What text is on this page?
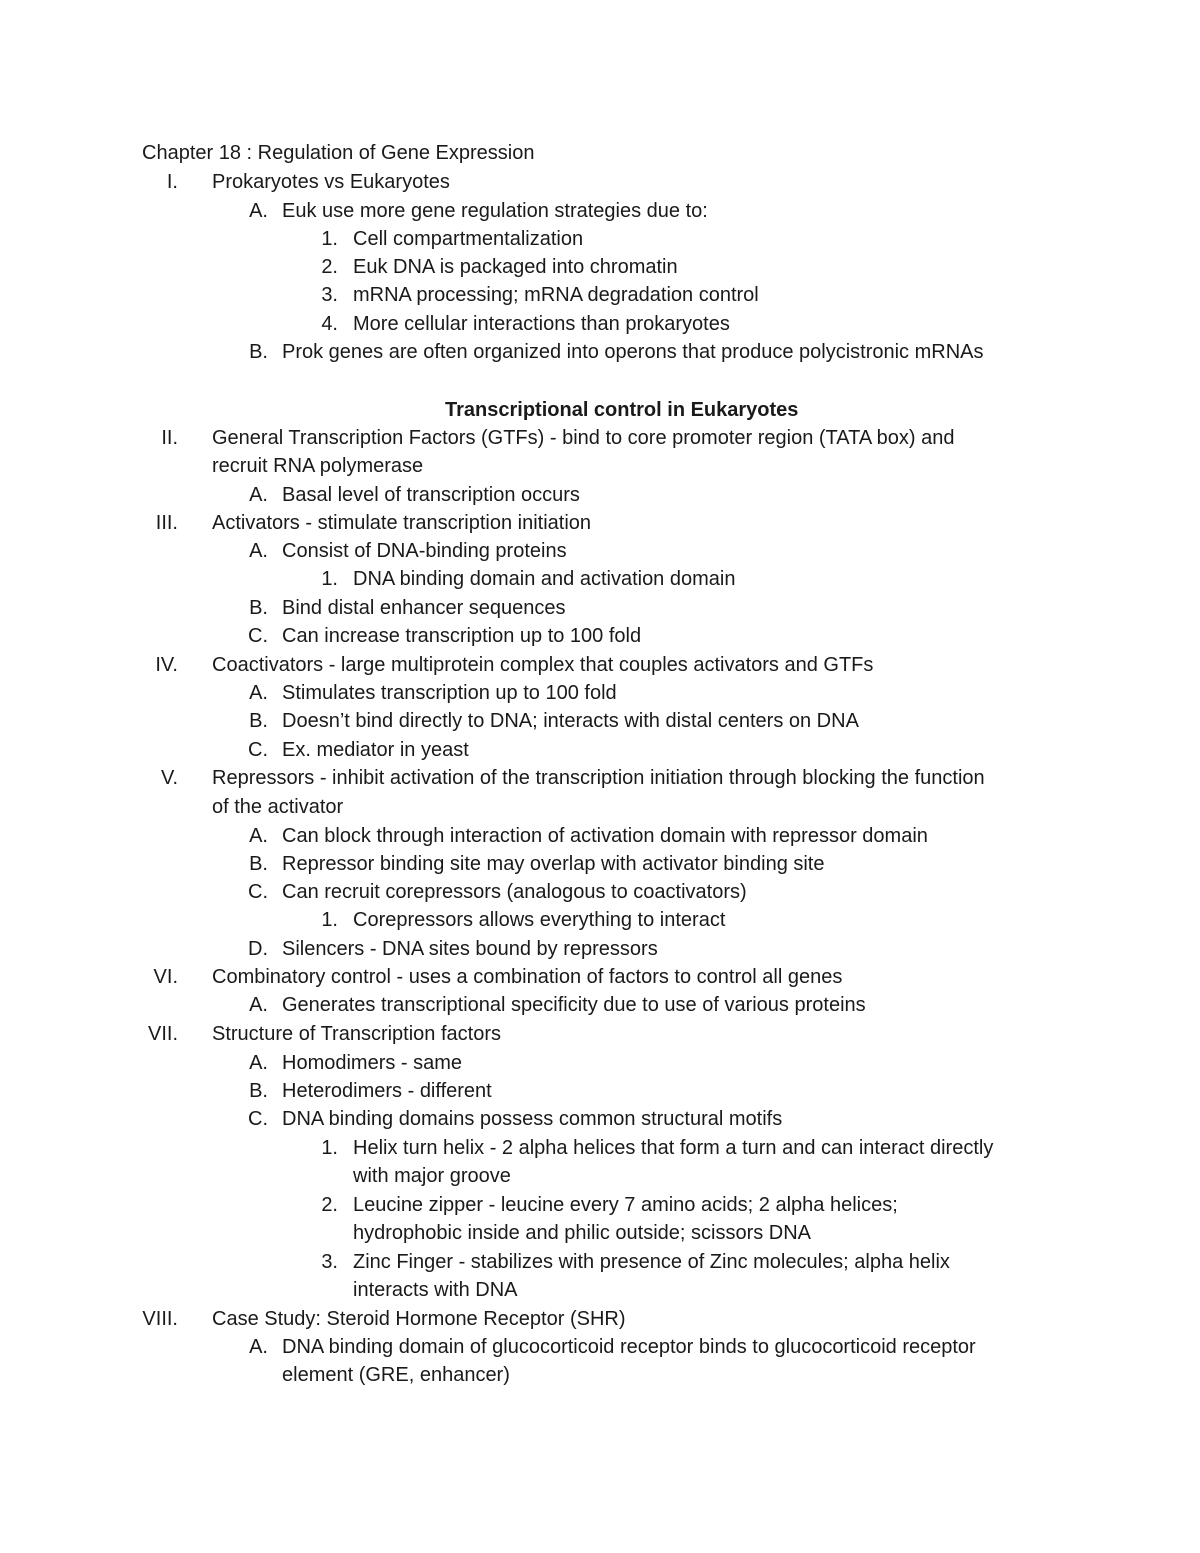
Chapter 18 : Regulation of Gene Expression
Transcriptional control in Eukaryotes
I. Prokaryotes vs Eukaryotes
A. Euk use more gene regulation strategies due to:
1. Cell compartmentalization
2. Euk DNA is packaged into chromatin
3. mRNA processing; mRNA degradation control
4. More cellular interactions than prokaryotes
B. Prok genes are often organized into operons that produce polycistronic mRNAs
II. General Transcription Factors (GTFs) - bind to core promoter region (TATA box) and
recruit RNA polymerase
A. Basal level of transcription occurs
III. Activators - stimulate transcription initiation
A. Consist of DNA-binding proteins
1. DNA binding domain and activation domain
B. Bind distal enhancer sequences
C. Can increase transcription up to 100 fold
IV. Coactivators - large multiprotein complex that couples activators and GTFs
A. Stimulates transcription up to 100 fold
B. Doesn’t bind directly to DNA; interacts with distal centers on DNA
C. Ex. mediator in yeast
V. Repressors - inhibit activation of the transcription initiation through blocking the function
of the activator
A. Can block through interaction of activation domain with repressor domain
B. Repressor binding site may overlap with activator binding site
C. Can recruit corepressors (analogous to coactivators)
1. Corepressors allows everything to interact
D. Silencers - DNA sites bound by repressors
VI. Combinatory control - uses a combination of factors to control all genes
A. Generates transcriptional specificity due to use of various proteins
VII. Structure of Transcription factors
A. Homodimers - same
B. Heterodimers - different
C. DNA binding domains possess common structural motifs
1. Helix turn helix - 2 alpha helices that form a turn and can interact directly
with major groove
2. Leucine zipper - leucine every 7 amino acids; 2 alpha helices;
hydrophobic inside and philic outside; scissors DNA
3. Zinc Finger - stabilizes with presence of Zinc molecules; alpha helix
interacts with DNA
VIII. Case Study: Steroid Hormone Receptor (SHR)
A. DNA binding domain of glucocorticoid receptor binds to glucocorticoid receptor
element (GRE, enhancer)
